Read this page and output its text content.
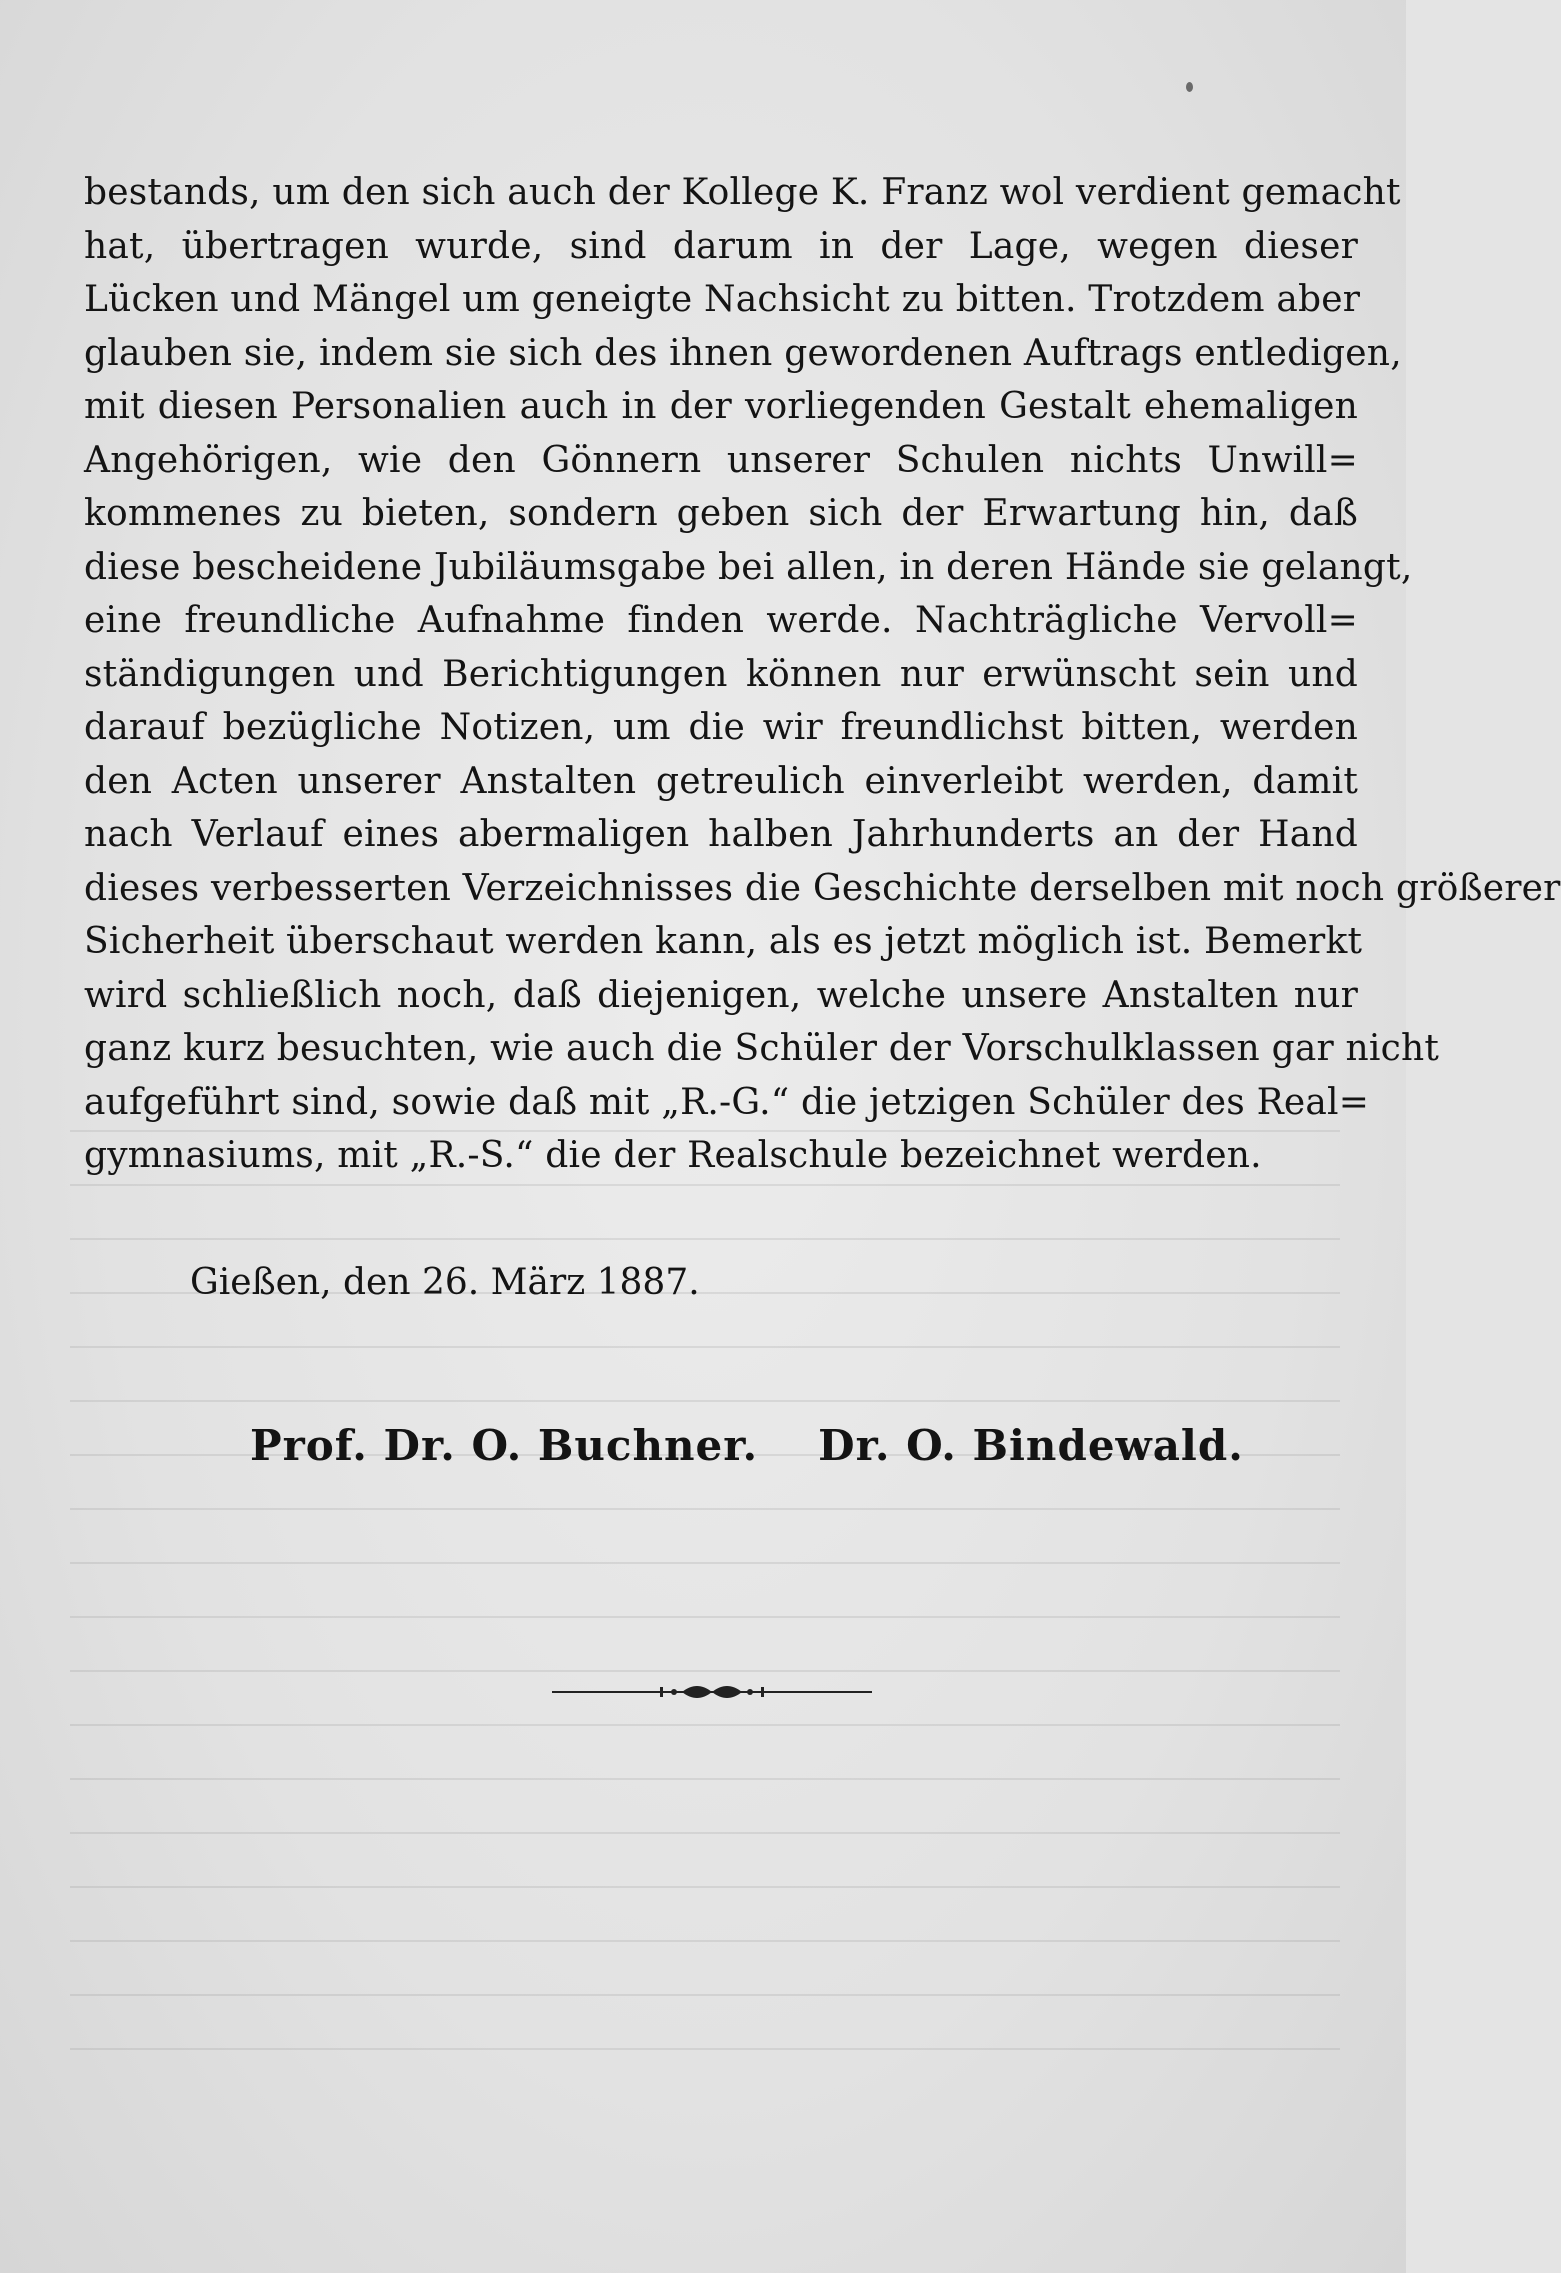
bestands, um den sich auch der Kollege K. Franz wol verdient gemacht
hat, übertragen wurde, sind darum in der Lage, wegen dieser
Lücken und Mängel um geneigte Nachsicht zu bitten. Trotzdem aber
glauben sie, indem sie sich des ihnen gewordenen Auftrags entledigen,
mit diesen Personalien auch in der vorliegenden Gestalt ehemaligen
Angehörigen, wie den Gönnern unserer Schulen nichts Unwill=
kommenes zu bieten, sondern geben sich der Erwartung hin, daß
diese bescheidene Jubiläumsgabe bei allen, in deren Hände sie gelangt,
eine freundliche Aufnahme finden werde. Nachträgliche Vervoll=
ständigungen und Berichtigungen können nur erwünscht sein und
darauf bezügliche Notizen, um die wir freundlichst bitten, werden
den Acten unserer Anstalten getreulich einverleibt werden, damit
nach Verlauf eines abermaligen halben Jahrhunderts an der Hand
dieses verbesserten Verzeichnisses die Geschichte derselben mit noch größerer
Sicherheit überschaut werden kann, als es jetzt möglich ist. Bemerkt
wird schließlich noch, daß diejenigen, welche unsere Anstalten nur
ganz kurz besuchten, wie auch die Schüler der Vorschulklassen gar nicht
aufgeführt sind, sowie daß mit „R.-G.“ die jetzigen Schüler des Real=
gymnasiums, mit „R.-S.“ die der Realschule bezeichnet werden.
Gießen, den 26. März 1887.
Prof. Dr. O. Buchner. Dr. O. Bindewald.
